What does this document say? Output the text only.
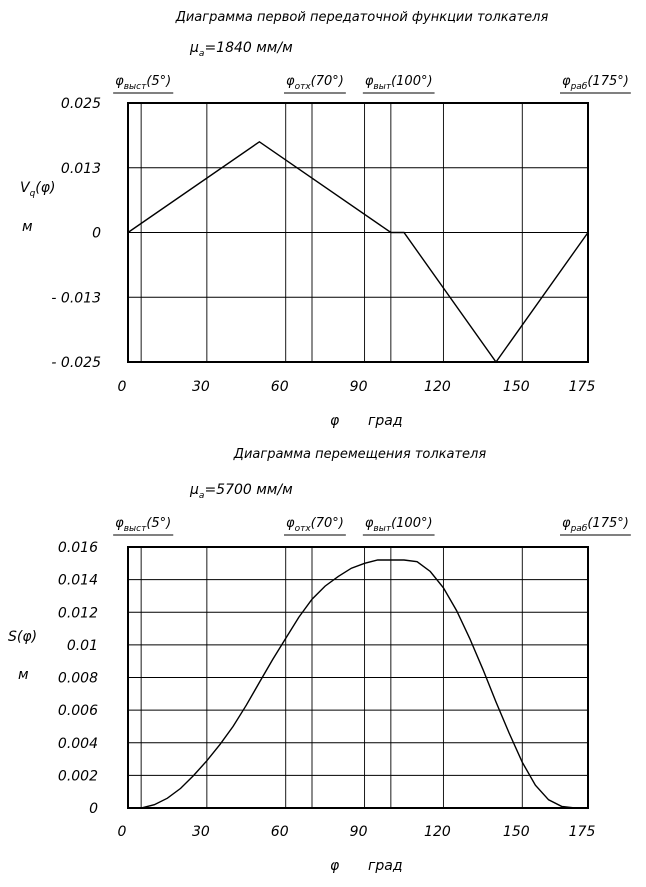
Диаграмма первой передаточной функции толкателя
$\mu_a=1840$ мм/м
$\varphi_{выст}(5^\circ)$	$\varphi_{отх}(70^\circ)$ $\varphi_{выт}(100^\circ)$	$\varphi_{раб}(175^\circ)$
0.025
0.013
0
- 0.013
- 0.025
0	30	60	90	120	150	175
$V_q(\varphi)$
м
φ град
Диаграмма перемещения толкателя
$\mu_a=5700$ мм/м
$\varphi_{выст}(5^\circ)$	$\varphi_{отх}(70^\circ)$ $\varphi_{выт}(100^\circ)$	$\varphi_{раб}(175^\circ)$
0.016
0.014
0.012
0.01
0.008
0.006
0.004
0.002
0
0	30	60	90	120	150	175
S(φ)
м
φ град
